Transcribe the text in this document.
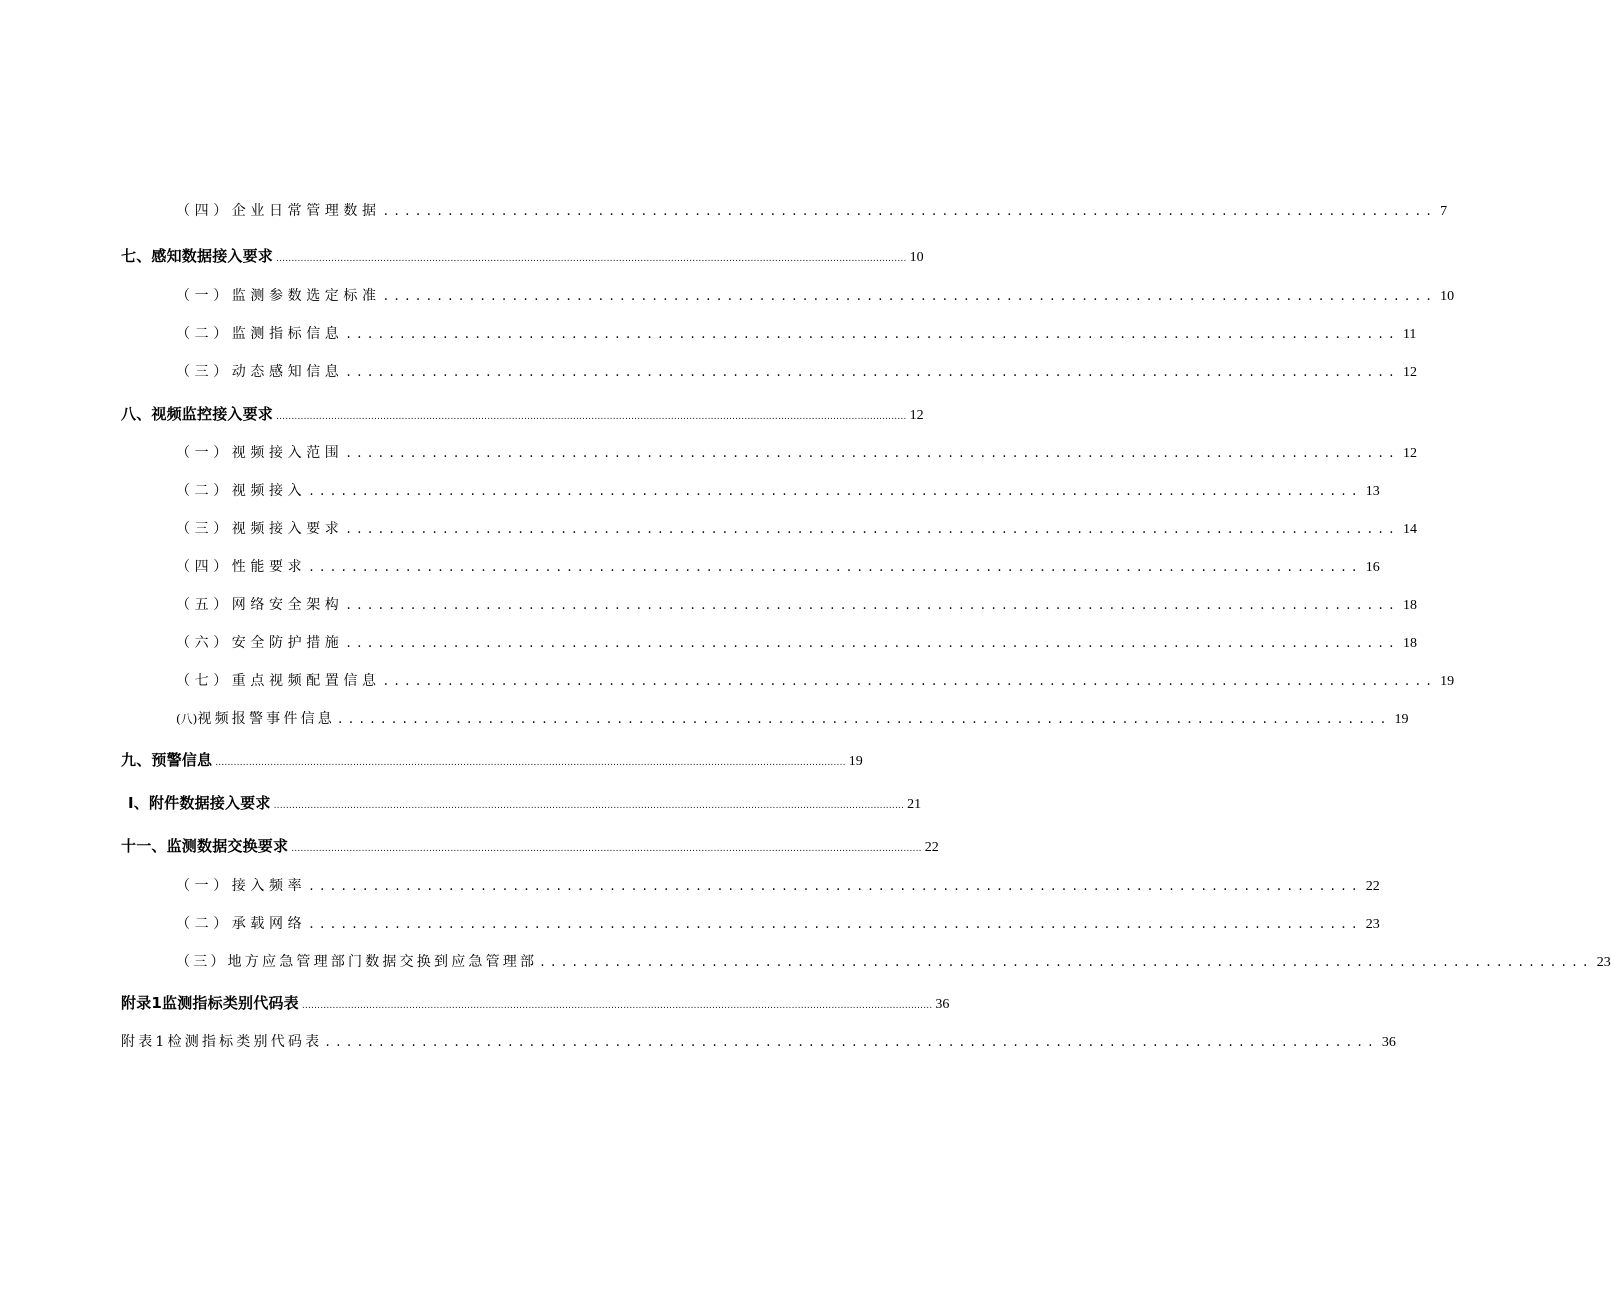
（四）企业日常管理数据 .................................................................................................. 7
七、感知数据接入要求 .............................................................................................................................................................................................................. 10
（一）监测参数选定标准 .................................................................................................. 10
（二）监测指标信息 .................................................................................................. 11
（三）动态感知信息 .................................................................................................. 12
八、视频监控接入要求 .............................................................................................................................................................................................................. 12
（一）视频接入范围 .................................................................................................. 12
（二）视频接入 .................................................................................................. 13
（三）视频接入要求 .................................................................................................. 14
（四）性能要求 .................................................................................................. 16
（五）网络安全架构 .................................................................................................. 18
（六）安全防护措施 .................................................................................................. 18
（七）重点视频配置信息 .................................................................................................. 19
(八)视频报警事件信息 .................................................................................................. 19
九、预警信息 .............................................................................................................................................................................................................. 19
I、附件数据接入要求 .............................................................................................................................................................................................................. 21
十一、监测数据交换要求 .............................................................................................................................................................................................................. 22
（一）接入频率 .................................................................................................. 22
（二）承载网络 .................................................................................................. 23
（三）地方应急管理部门数据交换到应急管理部 .................................................................................................. 23
附录1监测指标类别代码表 .............................................................................................................................................................................................................. 36
附表1检测指标类别代码表 .................................................................................................. 36
